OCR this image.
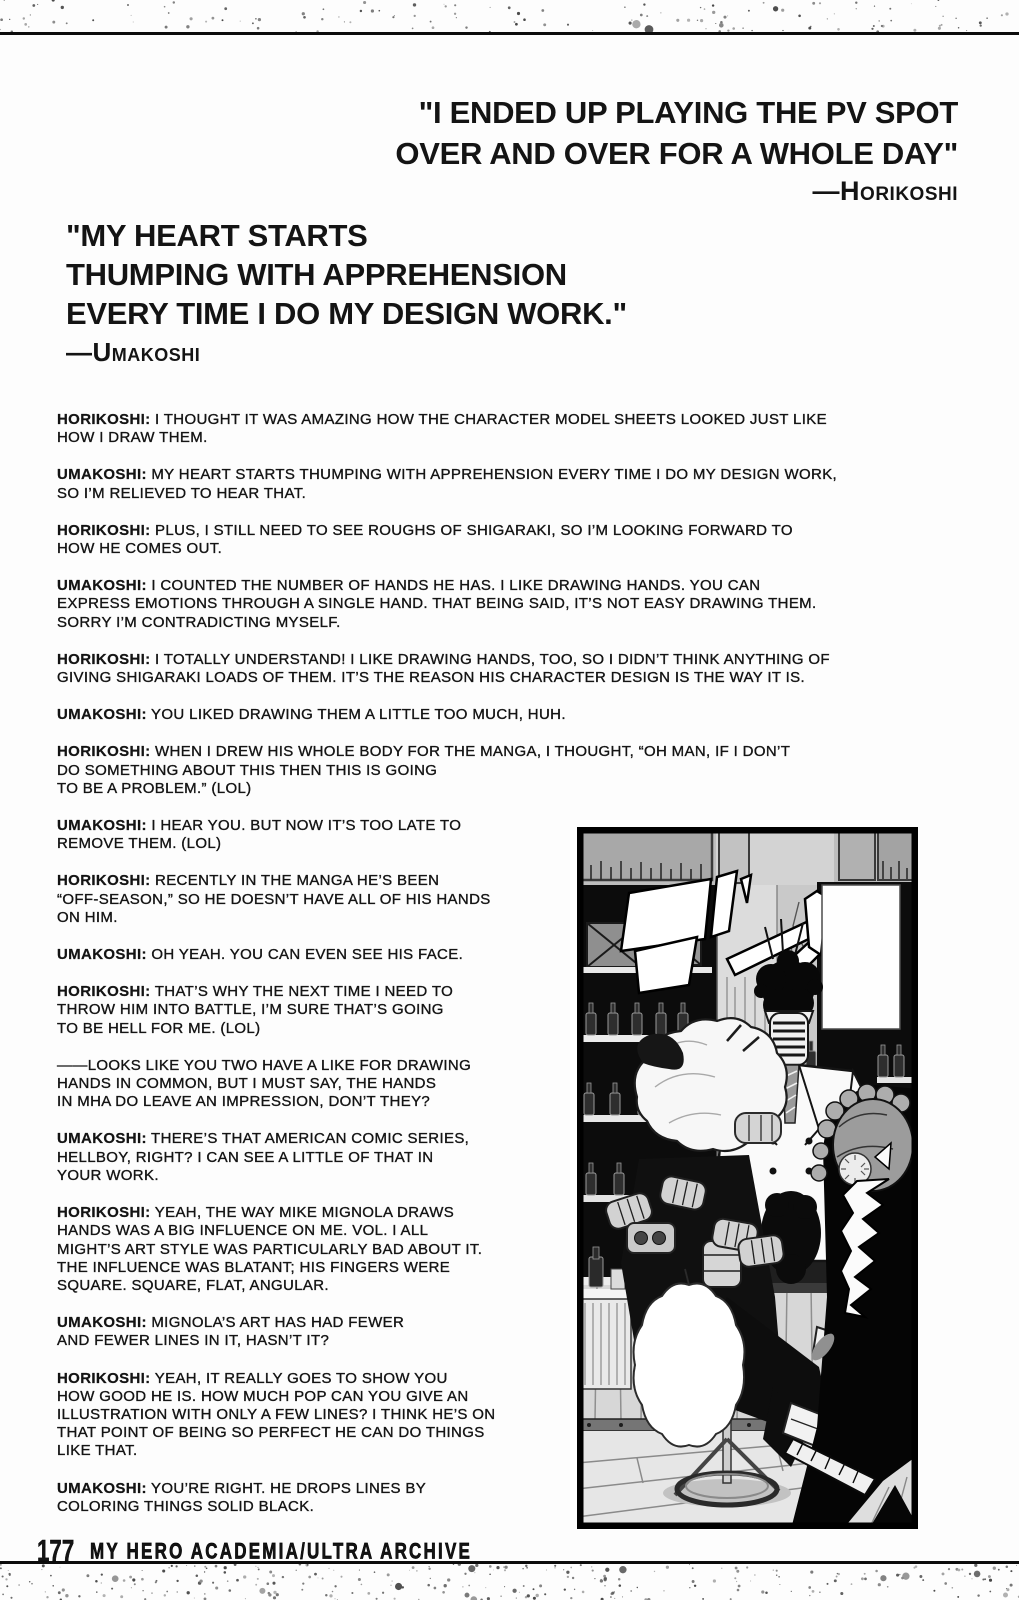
"I ENDED UP PLAYING THE PV SPOT
OVER AND OVER FOR A WHOLE DAY"
—Horikoshi
"MY HEART STARTS
THUMPING WITH APPREHENSION
EVERY TIME I DO MY DESIGN WORK."
—Umakoshi
HORIKOSHI: I THOUGHT IT WAS AMAZING HOW THE CHARACTER MODEL SHEETS LOOKED JUST LIKE
HOW I DRAW THEM.
UMAKOSHI: MY HEART STARTS THUMPING WITH APPREHENSION EVERY TIME I DO MY DESIGN WORK,
SO I’M RELIEVED TO HEAR THAT.
HORIKOSHI: PLUS, I STILL NEED TO SEE ROUGHS OF SHIGARAKI, SO I’M LOOKING FORWARD TO
HOW HE COMES OUT.
UMAKOSHI: I COUNTED THE NUMBER OF HANDS HE HAS. I LIKE DRAWING HANDS. YOU CAN
EXPRESS EMOTIONS THROUGH A SINGLE HAND. THAT BEING SAID, IT’S NOT EASY DRAWING THEM.
SORRY I’M CONTRADICTING MYSELF.
HORIKOSHI: I TOTALLY UNDERSTAND! I LIKE DRAWING HANDS, TOO, SO I DIDN’T THINK ANYTHING OF
GIVING SHIGARAKI LOADS OF THEM. IT’S THE REASON HIS CHARACTER DESIGN IS THE WAY IT IS.
UMAKOSHI: YOU LIKED DRAWING THEM A LITTLE TOO MUCH, HUH.
HORIKOSHI: WHEN I DREW HIS WHOLE BODY FOR THE MANGA, I THOUGHT, “OH MAN, IF I DON’T
DO SOMETHING ABOUT THIS THEN THIS IS GOING
TO BE A PROBLEM.” (LOL)
UMAKOSHI: I HEAR YOU. BUT NOW IT’S TOO LATE TO
REMOVE THEM. (LOL)
HORIKOSHI: RECENTLY IN THE MANGA HE’S BEEN
“OFF-SEASON,” SO HE DOESN’T HAVE ALL OF HIS HANDS
ON HIM.
UMAKOSHI: OH YEAH. YOU CAN EVEN SEE HIS FACE.
HORIKOSHI: THAT’S WHY THE NEXT TIME I NEED TO
THROW HIM INTO BATTLE, I’M SURE THAT’S GOING
TO BE HELL FOR ME. (LOL)
——LOOKS LIKE YOU TWO HAVE A LIKE FOR DRAWING
HANDS IN COMMON, BUT I MUST SAY, THE HANDS
IN MHA DO LEAVE AN IMPRESSION, DON’T THEY?
UMAKOSHI: THERE’S THAT AMERICAN COMIC SERIES,
HELLBOY, RIGHT? I CAN SEE A LITTLE OF THAT IN
YOUR WORK.
HORIKOSHI: YEAH, THE WAY MIKE MIGNOLA DRAWS
HANDS WAS A BIG INFLUENCE ON ME. VOL. I ALL
MIGHT’S ART STYLE WAS PARTICULARLY BAD ABOUT IT.
THE INFLUENCE WAS BLATANT; HIS FINGERS WERE
SQUARE. SQUARE, FLAT, ANGULAR.
UMAKOSHI: MIGNOLA’S ART HAS HAD FEWER
AND FEWER LINES IN IT, HASN’T IT?
HORIKOSHI: YEAH, IT REALLY GOES TO SHOW YOU
HOW GOOD HE IS. HOW MUCH POP CAN YOU GIVE AN
ILLUSTRATION WITH ONLY A FEW LINES? I THINK HE’S ON
THAT POINT OF BEING SO PERFECT HE CAN DO THINGS
LIKE THAT.
UMAKOSHI: YOU’RE RIGHT. HE DROPS LINES BY
COLORING THINGS SOLID BLACK.
177 MY HERO ACADEMIA/ULTRA ARCHIVE
